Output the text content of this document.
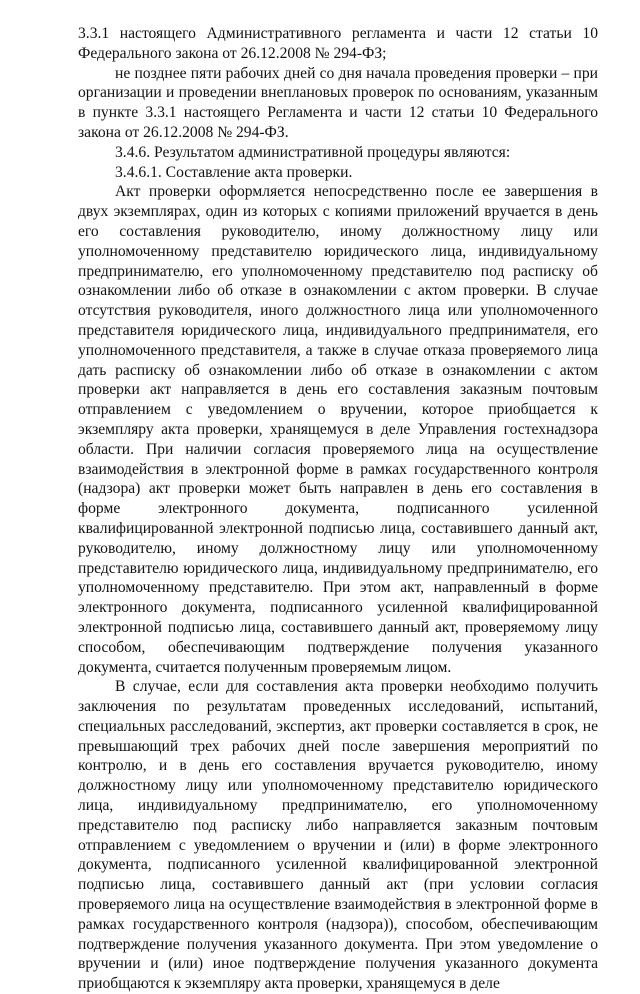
3.3.1 настоящего Административного регламента и части 12 статьи 10 Федерального закона от 26.12.2008 № 294-ФЗ;

не позднее пяти рабочих дней со дня начала проведения проверки – при организации и проведении внеплановых проверок по основаниям, указанным в пункте 3.3.1 настоящего Регламента и части 12 статьи 10 Федерального закона от 26.12.2008 № 294-ФЗ.

3.4.6. Результатом административной процедуры являются:

3.4.6.1. Составление акта проверки.

Акт проверки оформляется непосредственно после ее завершения в двух экземплярах, один из которых с копиями приложений вручается в день его составления руководителю, иному должностному лицу или уполномоченному представителю юридического лица, индивидуальному предпринимателю, его уполномоченному представителю под расписку об ознакомлении либо об отказе в ознакомлении с актом проверки. В случае отсутствия руководителя, иного должностного лица или уполномоченного представителя юридического лица, индивидуального предпринимателя, его уполномоченного представителя, а также в случае отказа проверяемого лица дать расписку об ознакомлении либо об отказе в ознакомлении с актом проверки акт направляется в день его составления заказным почтовым отправлением с уведомлением о вручении, которое приобщается к экземпляру акта проверки, хранящемуся в деле Управления гостехнадзора области. При наличии согласия проверяемого лица на осуществление взаимодействия в электронной форме в рамках государственного контроля (надзора) акт проверки может быть направлен в день его составления в форме электронного документа, подписанного усиленной квалифицированной электронной подписью лица, составившего данный акт, руководителю, иному должностному лицу или уполномоченному представителю юридического лица, индивидуальному предпринимателю, его уполномоченному представителю. При этом акт, направленный в форме электронного документа, подписанного усиленной квалифицированной электронной подписью лица, составившего данный акт, проверяемому лицу способом, обеспечивающим подтверждение получения указанного документа, считается полученным проверяемым лицом.

В случае, если для составления акта проверки необходимо получить заключения по результатам проведенных исследований, испытаний, специальных расследований, экспертиз, акт проверки составляется в срок, не превышающий трех рабочих дней после завершения мероприятий по контролю, и в день его составления вручается руководителю, иному должностному лицу или уполномоченному представителю юридического лица, индивидуальному предпринимателю, его уполномоченному представителю под расписку либо направляется заказным почтовым отправлением с уведомлением о вручении и (или) в форме электронного документа, подписанного усиленной квалифицированной электронной подписью лица, составившего данный акт (при условии согласия проверяемого лица на осуществление взаимодействия в электронной форме в рамках государственного контроля (надзора)), способом, обеспечивающим подтверждение получения указанного документа. При этом уведомление о вручении и (или) иное подтверждение получения указанного документа приобщаются к экземпляру акта проверки, хранящемуся в деле
